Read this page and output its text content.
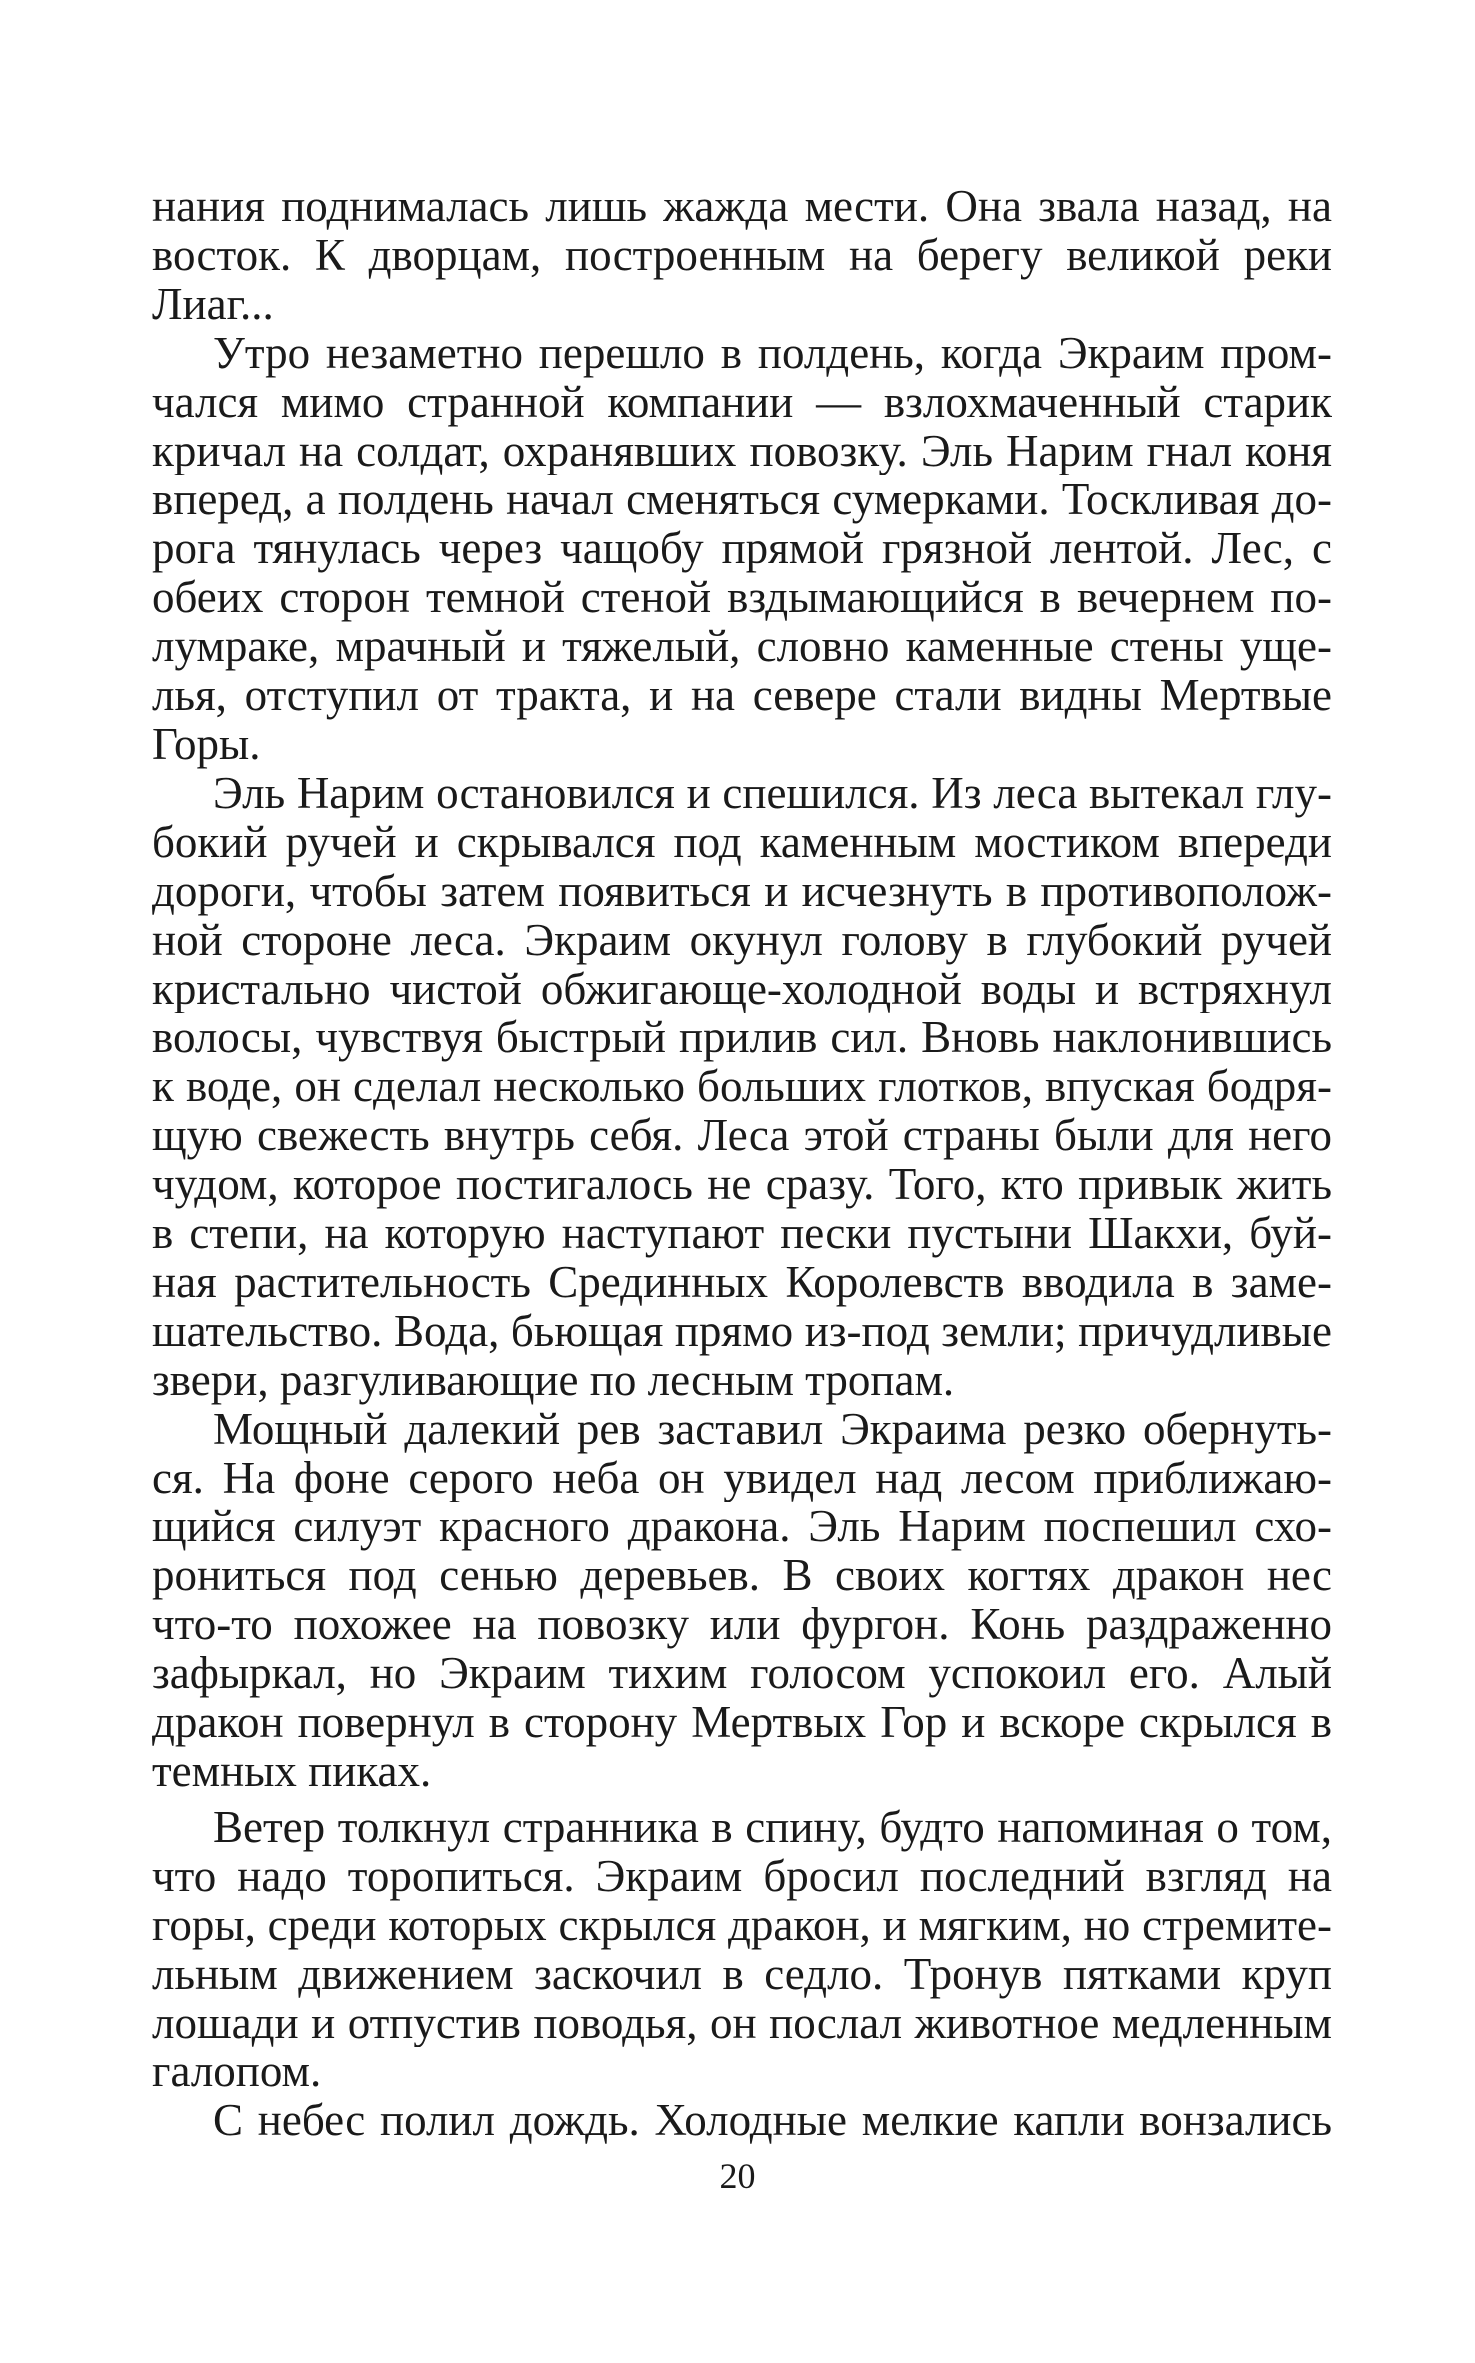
нания поднималась лишь жажда мести. Она звала назад, на
восток. К дворцам, построенным на берегу великой реки
Лиаг...
Утро незаметно перешло в полдень, когда Экраим пром-
чался мимо странной компании — взлохмаченный старик
кричал на солдат, охранявших повозку. Эль Нарим гнал коня
вперед, а полдень начал сменяться сумерками. Тоскливая до-
рога тянулась через чащобу прямой грязной лентой. Лес, с
обеих сторон темной стеной вздымающийся в вечернем по-
лумраке, мрачный и тяжелый, словно каменные стены уще-
лья, отступил от тракта, и на севере стали видны Мертвые
Горы.
Эль Нарим остановился и спешился. Из леса вытекал глу-
бокий ручей и скрывался под каменным мостиком впереди
дороги, чтобы затем появиться и исчезнуть в противополож-
ной стороне леса. Экраим окунул голову в глубокий ручей
кристально чистой обжигающе-холодной воды и встряхнул
волосы, чувствуя быстрый прилив сил. Вновь наклонившись
к воде, он сделал несколько больших глотков, впуская бодря-
щую свежесть внутрь себя. Леса этой страны были для него
чудом, которое постигалось не сразу. Того, кто привык жить
в степи, на которую наступают пески пустыни Шакхи, буй-
ная растительность Срединных Королевств вводила в заме-
шательство. Вода, бьющая прямо из-под земли; причудливые
звери, разгуливающие по лесным тропам.
Мощный далекий рев заставил Экраима резко обернуть-
ся. На фоне серого неба он увидел над лесом приближаю-
щийся силуэт красного дракона. Эль Нарим поспешил схо-
рониться под сенью деревьев. В своих когтях дракон нес
что-то похожее на повозку или фургон. Конь раздраженно
зафыркал, но Экраим тихим голосом успокоил его. Алый
дракон повернул в сторону Мертвых Гор и вскоре скрылся в
темных пиках.
Ветер толкнул странника в спину, будто напоминая о том,
что надо торопиться. Экраим бросил последний взгляд на
горы, среди которых скрылся дракон, и мягким, но стремите-
льным движением заскочил в седло. Тронув пятками круп
лошади и отпустив поводья, он послал животное медленным
галопом.
С небес полил дождь. Холодные мелкие капли вонзались
20
